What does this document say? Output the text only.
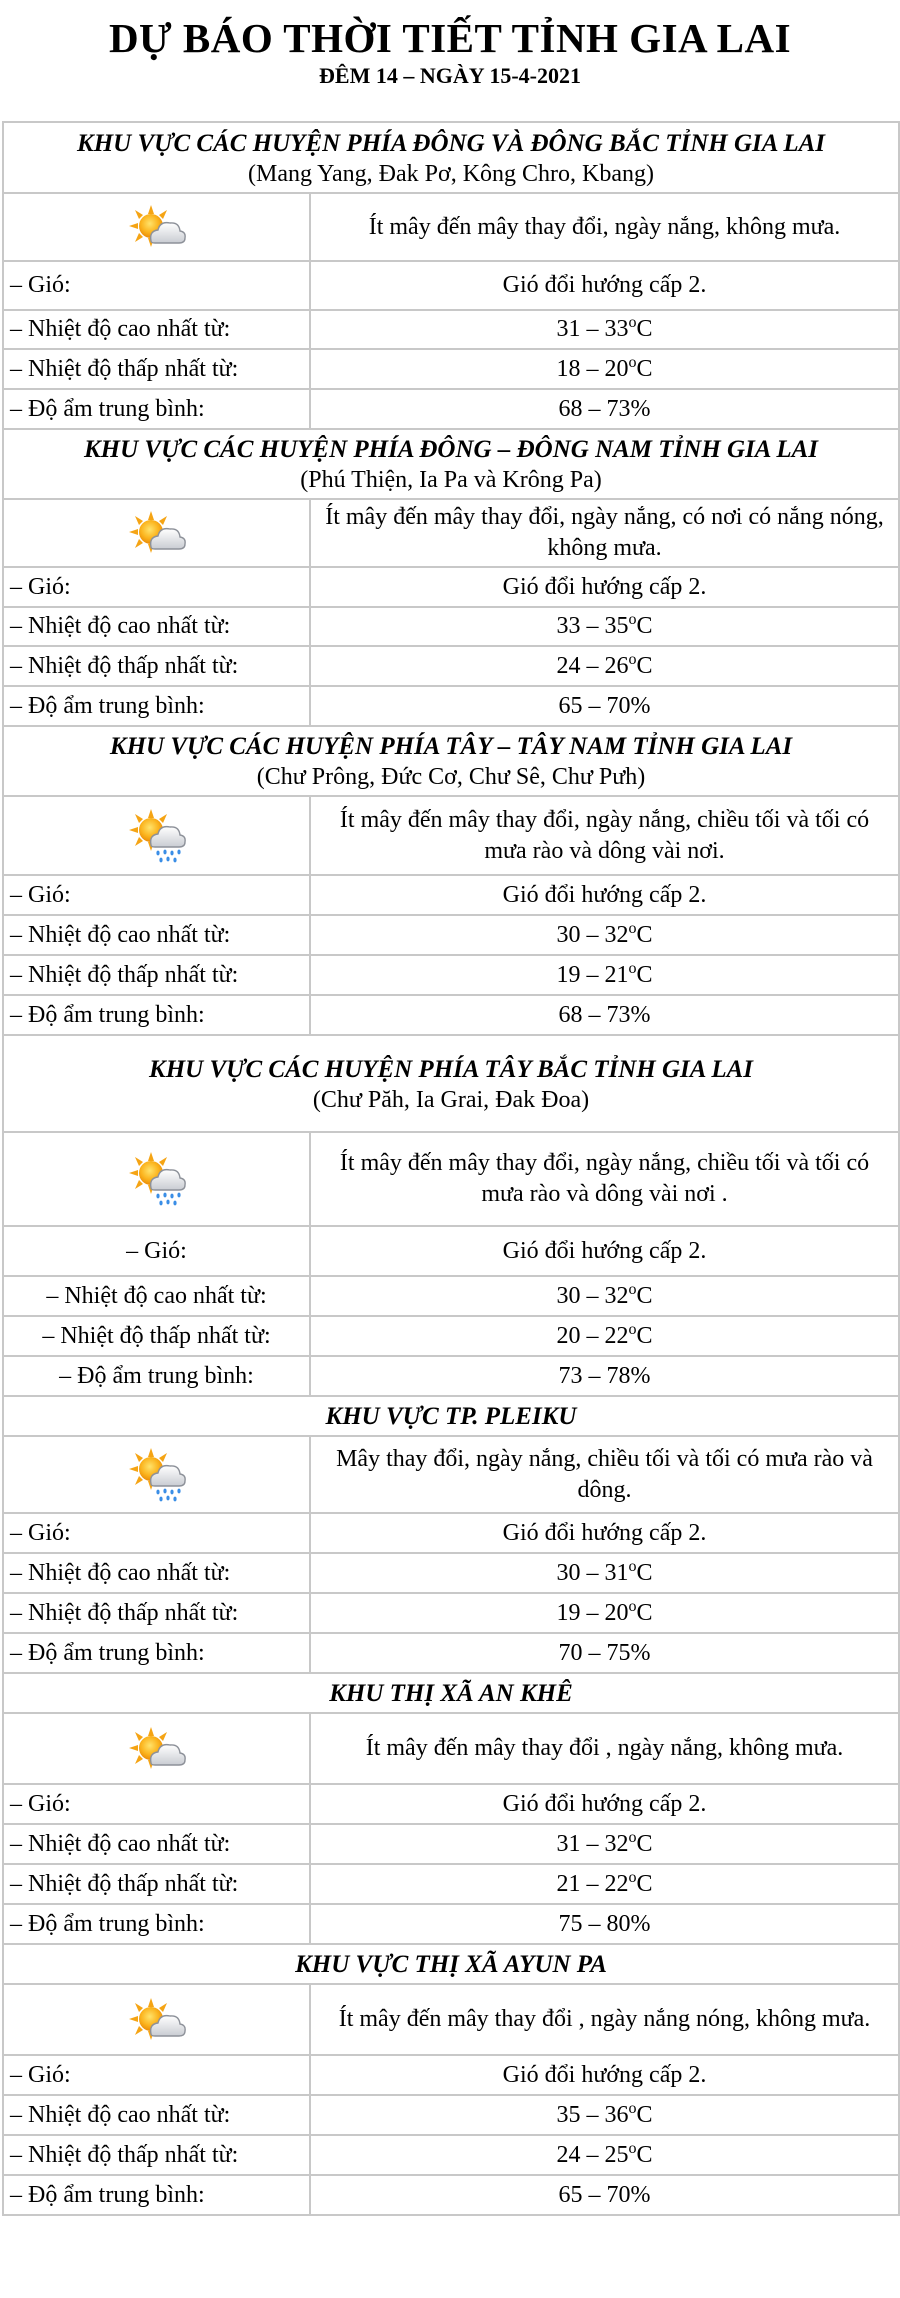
DỰ BÁO THỜI TIẾT TỈNH GIA LAI
ĐÊM 14 – NGÀY 15-4-2021
KHU VỰC CÁC HUYỆN PHÍA ĐÔNG VÀ ĐÔNG BẮC TỈNH GIA LAI
(Mang Yang, Đak Pơ, Kông Chro, Kbang)	

	Ít mây đến mây thay đổi, ngày nắng, không mưa.
– Gió:	Gió đổi hướng cấp 2.
– Nhiệt độ cao nhất từ:	31 – 33$^o$C
– Nhiệt độ thấp nhất từ:	18 – 20$^o$C
– Độ ẩm trung bình:	68 – 73%

KHU VỰC CÁC HUYỆN PHÍA ĐÔNG – ĐÔNG NAM TỈNH GIA LAI
(Phú Thiện, Ia Pa và Krông Pa)	

	Ít mây đến mây thay đổi, ngày nắng, có nơi có nắng nóng, không mưa.
– Gió:	Gió đổi hướng cấp 2.
– Nhiệt độ cao nhất từ:	33 – 35$^o$C
– Nhiệt độ thấp nhất từ:	24 – 26$^o$C
– Độ ẩm trung bình:	65 – 70%

KHU VỰC CÁC HUYỆN PHÍA TÂY – TÂY NAM TỈNH GIA LAI
(Chư Prông, Đức Cơ, Chư Sê, Chư Pưh)	

	Ít mây đến mây thay đổi, ngày nắng, chiều tối và tối có mưa rào và dông vài nơi.
– Gió:	Gió đổi hướng cấp 2.
– Nhiệt độ cao nhất từ:	30 – 32$^o$C
– Nhiệt độ thấp nhất từ:	19 – 21$^o$C
– Độ ẩm trung bình:	68 – 73%

KHU VỰC CÁC HUYỆN PHÍA TÂY BẮC TỈNH GIA LAI
(Chư Păh, Ia Grai, Đak Đoa)	

	Ít mây đến mây thay đổi, ngày nắng, chiều tối và tối có mưa rào và dông vài nơi .
– Gió:	Gió đổi hướng cấp 2.
– Nhiệt độ cao nhất từ:	30 – 32$^o$C
– Nhiệt độ thấp nhất từ:	20 – 22$^o$C
– Độ ẩm trung bình:	73 – 78%

KHU VỰC TP. PLEIKU	

	Mây thay đổi, ngày nắng, chiều tối và tối có mưa rào và dông.
– Gió:	Gió đổi hướng cấp 2.
– Nhiệt độ cao nhất từ:	30 – 31$^o$C
– Nhiệt độ thấp nhất từ:	19 – 20$^o$C
– Độ ẩm trung bình:	70 – 75%

KHU THỊ XÃ AN KHÊ	

	Ít mây đến mây thay đổi , ngày nắng, không mưa.
– Gió:	Gió đổi hướng cấp 2.
– Nhiệt độ cao nhất từ:	31 – 32$^o$C
– Nhiệt độ thấp nhất từ:	21 – 22$^o$C
– Độ ẩm trung bình:	75 – 80%

KHU VỰC THỊ XÃ AYUN PA	

	Ít mây đến mây thay đổi , ngày nắng nóng, không mưa.
– Gió:	Gió đổi hướng cấp 2.
– Nhiệt độ cao nhất từ:	35 – 36$^o$C
– Nhiệt độ thấp nhất từ:	24 – 25$^o$C
– Độ ẩm trung bình:	65 – 70%
